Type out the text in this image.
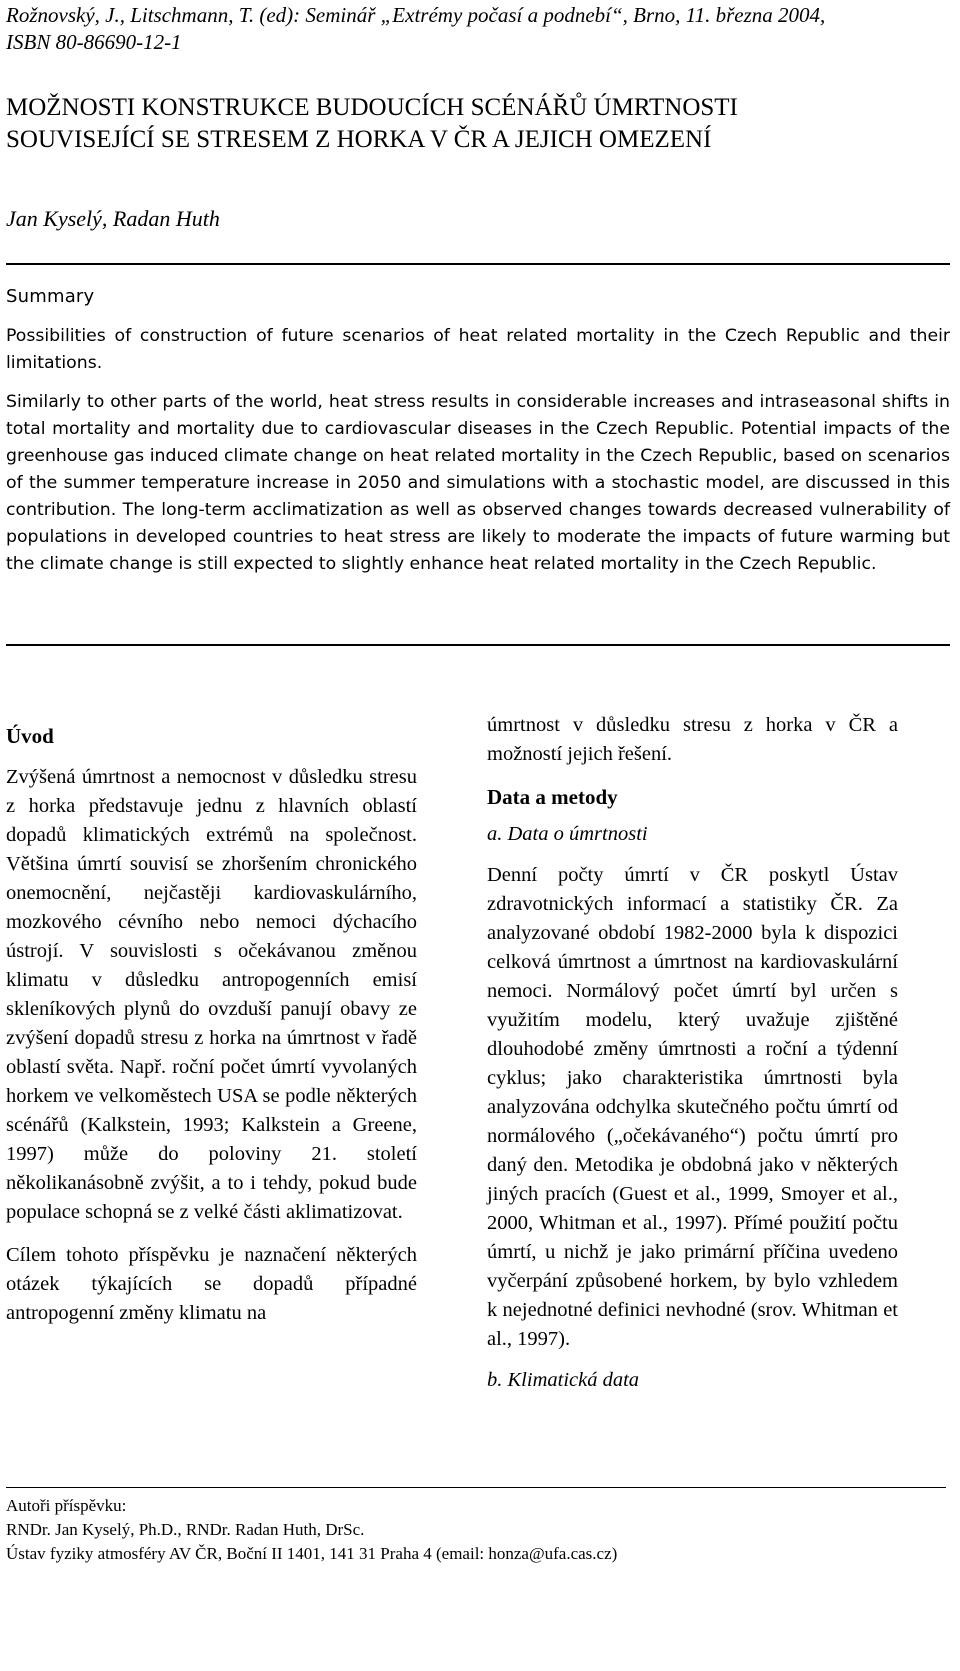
Rožnovský, J., Litschmann, T. (ed): Seminář „Extrémy počasí a podnebí“, Brno, 11. března 2004,
ISBN 80-86690-12-1
MOŽNOSTI KONSTRUKCE BUDOUCÍCH SCÉNÁŘŮ ÚMRTNOSTI
SOUVISEJÍCÍ SE STRESEM Z HORKA V ČR A JEJICH OMEZENÍ
Jan Kyselý, Radan Huth
Summary
Possibilities of construction of future scenarios of heat related mortality in the Czech Republic and their limitations.
Similarly to other parts of the world, heat stress results in considerable increases and intraseasonal shifts in total mortality and mortality due to cardiovascular diseases in the Czech Republic. Potential impacts of the greenhouse gas induced climate change on heat related mortality in the Czech Republic, based on scenarios of the summer temperature increase in 2050 and simulations with a stochastic model, are discussed in this contribution. The long-term acclimatization as well as observed changes towards decreased vulnerability of populations in developed countries to heat stress are likely to moderate the impacts of future warming but the climate change is still expected to slightly enhance heat related mortality in the Czech Republic.
Úvod

Zvýšená úmrtnost a nemocnost v důsledku stresu z horka představuje jednu z hlavních oblastí dopadů klimatických extrémů na společnost. Většina úmrtí souvisí se zhoršením chronického onemocnění, nejčastěji kardiovaskulárního, mozkového cévního nebo nemoci dýchacího ústrojí. V souvislosti s očekávanou změnou klimatu v důsledku antropogenních emisí skleníkových plynů do ovzduší panují obavy ze zvýšení dopadů stresu z horka na úmrtnost v řadě oblastí světa. Např. roční počet úmrtí vyvolaných horkem ve velkoměstech USA se podle některých scénářů (Kalkstein, 1993; Kalkstein a Greene, 1997) může do poloviny 21. století několikanásobně zvýšit, a to i tehdy, pokud bude populace schopná se z velké části aklimatizovat.

Cílem tohoto příspěvku je naznačení některých otázek týkajících se dopadů případné antropogenní změny klimatu na

úmrtnost v důsledku stresu z horka v ČR a možností jejich řešení.

Data a metody

a. Data o úmrtnosti

Denní počty úmrtí v ČR poskytl Ústav zdravotnických informací a statistiky ČR. Za analyzované období 1982-2000 byla k dispozici celková úmrtnost a úmrtnost na kardiovaskulární nemoci. Normálový počet úmrtí byl určen s využitím modelu, který uvažuje zjištěné dlouhodobé změny úmrtnosti a roční a týdenní cyklus; jako charakteristika úmrtnosti byla analyzována odchylka skutečného počtu úmrtí od normálového („očekávaného“) počtu úmrtí pro daný den. Metodika je obdobná jako v některých jiných pracích (Guest et al., 1999, Smoyer et al., 2000, Whitman et al., 1997). Přímé použití počtu úmrtí, u nichž je jako primární příčina uvedeno vyčerpání způsobené horkem, by bylo vzhledem k nejednotné definici nevhodné (srov. Whitman et al., 1997).

b. Klimatická data

Autoři příspěvku:
RNDr. Jan Kyselý, Ph.D., RNDr. Radan Huth, DrSc.
Ústav fyziky atmosféry AV ČR, Boční II 1401, 141 31 Praha 4 (email: honza@ufa.cas.cz)
